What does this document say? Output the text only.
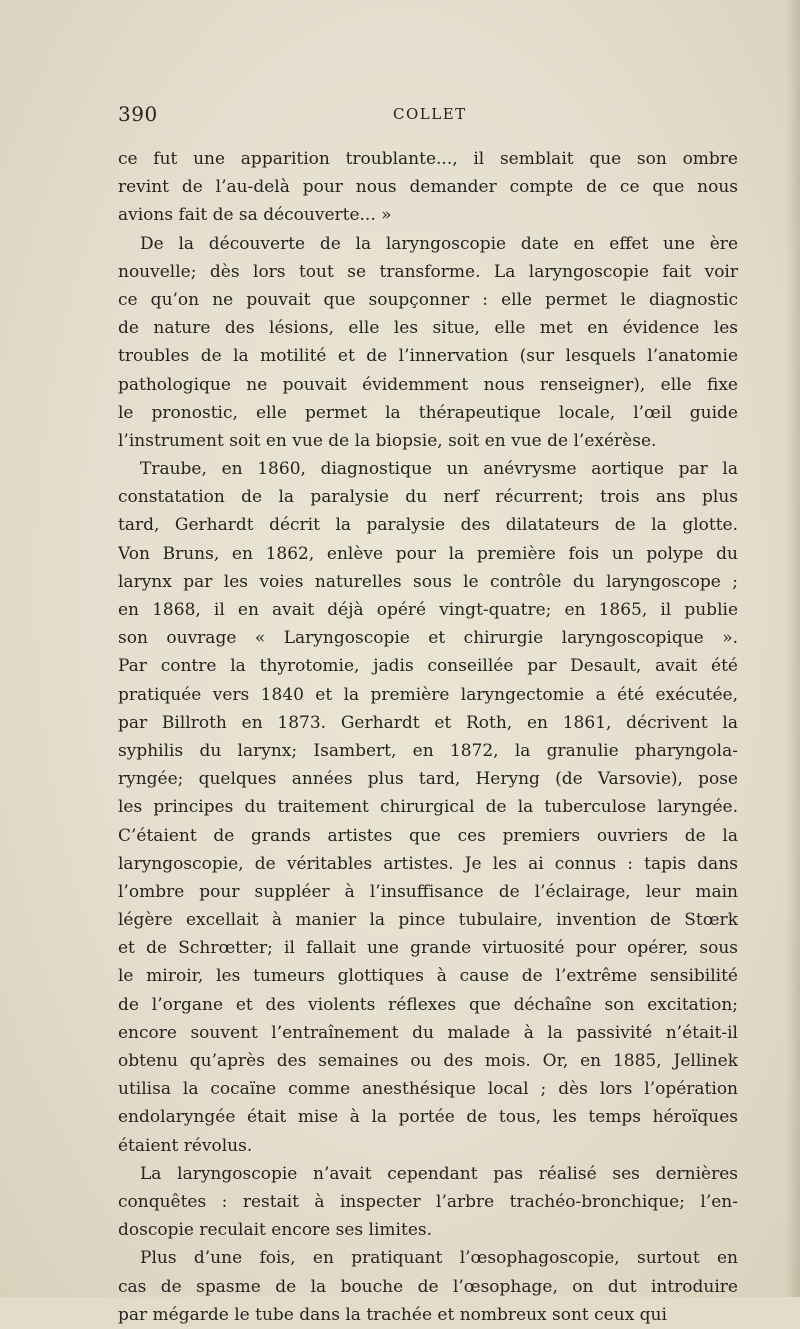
390	COLLET
ce fut une apparition troublante..., il semblait que son ombre
revint de l’au-delà pour nous demander compte de ce que nous
avions fait de sa découverte... »
De la découverte de la laryngoscopie date en effet une ère
nouvelle; dès lors tout se transforme. La laryngoscopie fait voir
ce qu’on ne pouvait que soupçonner : elle permet le diagnostic
de nature des lésions, elle les situe, elle met en évidence les
troubles de la motilité et de l’innervation (sur lesquels l’anatomie
pathologique ne pouvait évidemment nous renseigner), elle fixe
le pronostic, elle permet la thérapeutique locale, l’œil guide
l’instrument soit en vue de la biopsie, soit en vue de l’exérèse.
Traube, en 1860, diagnostique un anévrysme aortique par la
constatation de la paralysie du nerf récurrent; trois ans plus
tard, Gerhardt décrit la paralysie des dilatateurs de la glotte.
Von Bruns, en 1862, enlève pour la première fois un polype du
larynx par les voies naturelles sous le contrôle du laryngoscope ;
en 1868, il en avait déjà opéré vingt-quatre; en 1865, il publie
son ouvrage « Laryngoscopie et chirurgie laryngoscopique ».
Par contre la thyrotomie, jadis conseillée par Desault, avait été
pratiquée vers 1840 et la première laryngectomie a été exécutée,
par Billroth en 1873. Gerhardt et Roth, en 1861, décrivent la
syphilis du larynx; Isambert, en 1872, la granulie pharyngola-
ryngée; quelques années plus tard, Heryng (de Varsovie), pose
les principes du traitement chirurgical de la tuberculose laryngée.
C’étaient de grands artistes que ces premiers ouvriers de la
laryngoscopie, de véritables artistes. Je les ai connus : tapis dans
l’ombre pour suppléer à l’insuffisance de l’éclairage, leur main
légère excellait à manier la pince tubulaire, invention de Stœrk
et de Schrœtter; il fallait une grande virtuosité pour opérer, sous
le miroir, les tumeurs glottiques à cause de l’extrême sensibilité
de l’organe et des violents réflexes que déchaîne son excitation;
encore souvent l’entraînement du malade à la passivité n’était-il
obtenu qu’après des semaines ou des mois. Or, en 1885, Jellinek
utilisa la cocaïne comme anesthésique local ; dès lors l’opération
endolaryngée était mise à la portée de tous, les temps héroïques
étaient révolus.
La laryngoscopie n’avait cependant pas réalisé ses dernières
conquêtes : restait à inspecter l’arbre trachéo-bronchique; l’en-
doscopie reculait encore ses limites.
Plus d’une fois, en pratiquant l’œsophagoscopie, surtout en
cas de spasme de la bouche de l’œsophage, on dut introduire
par mégarde le tube dans la trachée et nombreux sont ceux qui
